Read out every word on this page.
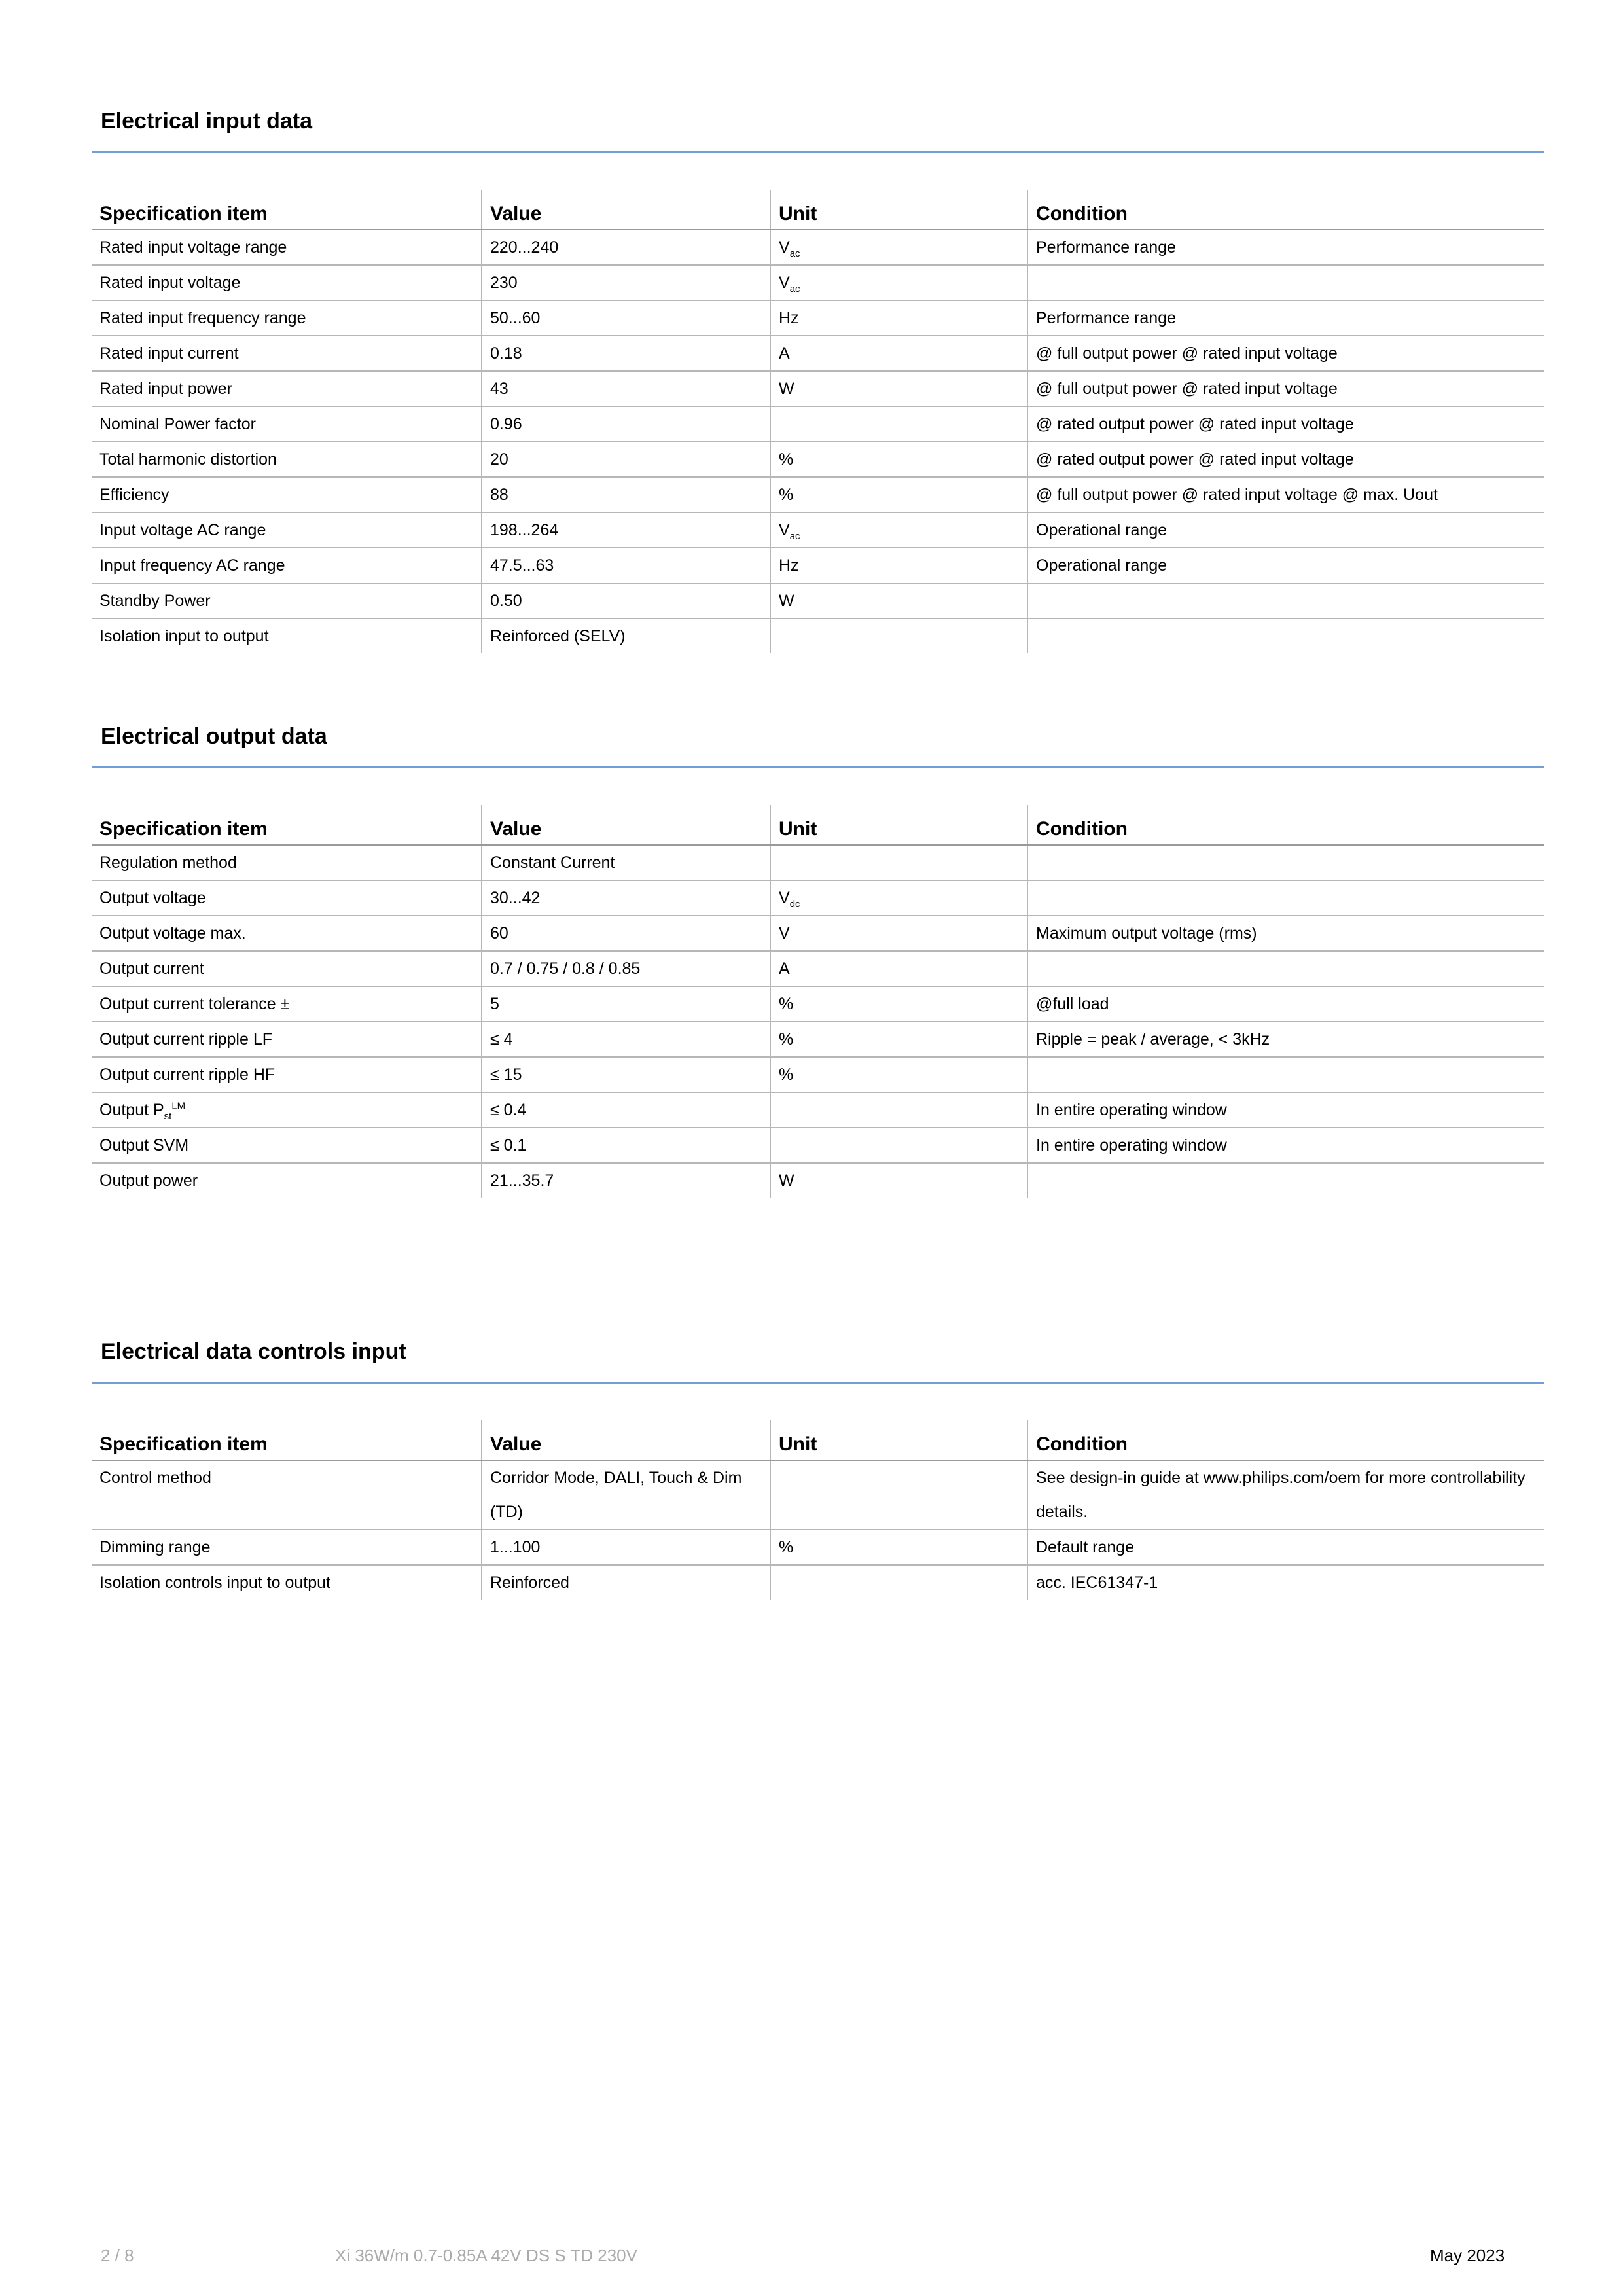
Electrical input data
Specification item	Value	Unit	Condition
Rated input voltage range	220...240	$V_{ac}$	Performance range
Rated input voltage	230	$V_{ac}$	
Rated input frequency range	50...60	Hz	Performance range
Rated input current	0.18	A	@ full output power @ rated input voltage
Rated input power	43	W	@ full output power @ rated input voltage
Nominal Power factor	0.96		@ rated output power @ rated input voltage
Total harmonic distortion	20	%	@ rated output power @ rated input voltage
Efficiency	88	%	@ full output power @ rated input voltage @ max. Uout
Input voltage AC range	198...264	$V_{ac}$	Operational range
Input frequency AC range	47.5...63	Hz	Operational range
Standby Power	0.50	W	
Isolation input to output	Reinforced (SELV)		
Electrical output data
Specification item	Value	Unit	Condition
Regulation method	Constant Current		
Output voltage	30...42	$V_{dc}$	
Output voltage max.	60	V	Maximum output voltage (rms)
Output current	0.7 / 0.75 / 0.8 / 0.85	A	
Output current tolerance ±	5	%	@full load
Output current ripple LF	≤ 4	%	Ripple = peak / average, < 3kHz
Output current ripple HF	≤ 15	%	
Output $P_{st}^{LM}$	≤ 0.4		In entire operating window
Output SVM	≤ 0.1		In entire operating window
Output power	21...35.7	W	
Electrical data controls input
Specification item	Value	Unit	Condition
Control method	Corridor Mode, DALI, Touch & Dim (TD)		See design-in guide at www.philips.com/oem for more controllability details.
Dimming range	1...100	%	Default range
Isolation controls input to output	Reinforced		acc. IEC61347-1
2 / 8	Xi 36W/m 0.7-0.85A 42V DS S TD 230V	May 2023
